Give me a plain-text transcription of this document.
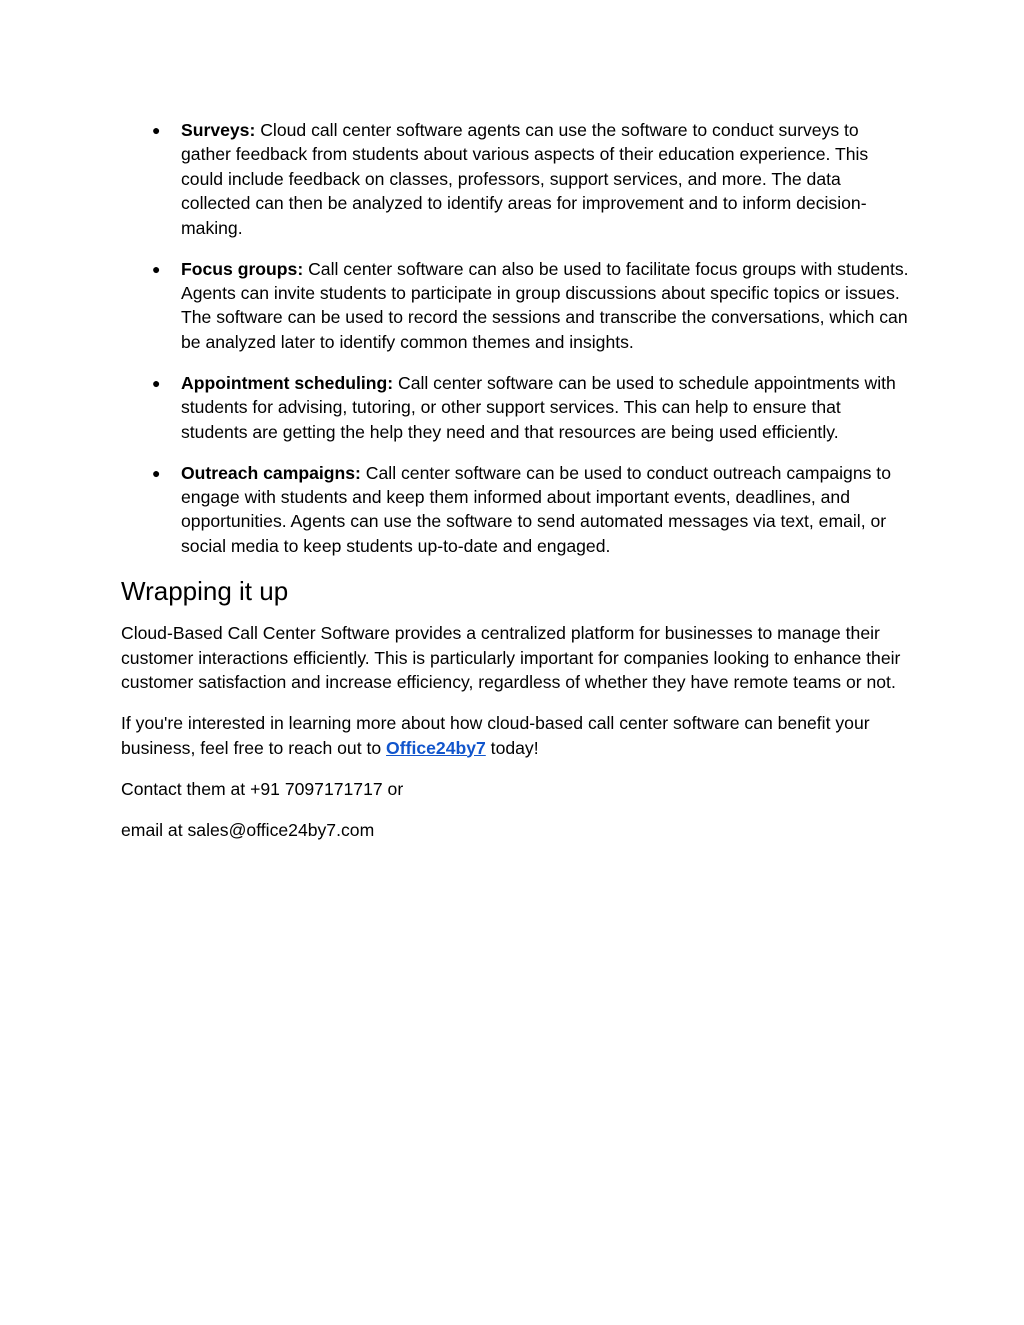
● Surveys: Cloud call center software agents can use the software to conduct surveys to gather feedback from students about various aspects of their education experience. This could include feedback on classes, professors, support services, and more. The data collected can then be analyzed to identify areas for improvement and to inform decision-making.
● Focus groups: Call center software can also be used to facilitate focus groups with students. Agents can invite students to participate in group discussions about specific topics or issues. The software can be used to record the sessions and transcribe the conversations, which can be analyzed later to identify common themes and insights.
● Appointment scheduling: Call center software can be used to schedule appointments with students for advising, tutoring, or other support services. This can help to ensure that students are getting the help they need and that resources are being used efficiently.
● Outreach campaigns: Call center software can be used to conduct outreach campaigns to engage with students and keep them informed about important events, deadlines, and opportunities. Agents can use the software to send automated messages via text, email, or social media to keep students up-to-date and engaged.
Wrapping it up

Cloud-Based Call Center Software provides a centralized platform for businesses to manage their customer interactions efficiently. This is particularly important for companies looking to enhance their customer satisfaction and increase efficiency, regardless of whether they have remote teams or not.

If you're interested in learning more about how cloud-based call center software can benefit your business, feel free to reach out to Office24by7 today!

Contact them at +91 7097171717 or

email at sales@office24by7.com
